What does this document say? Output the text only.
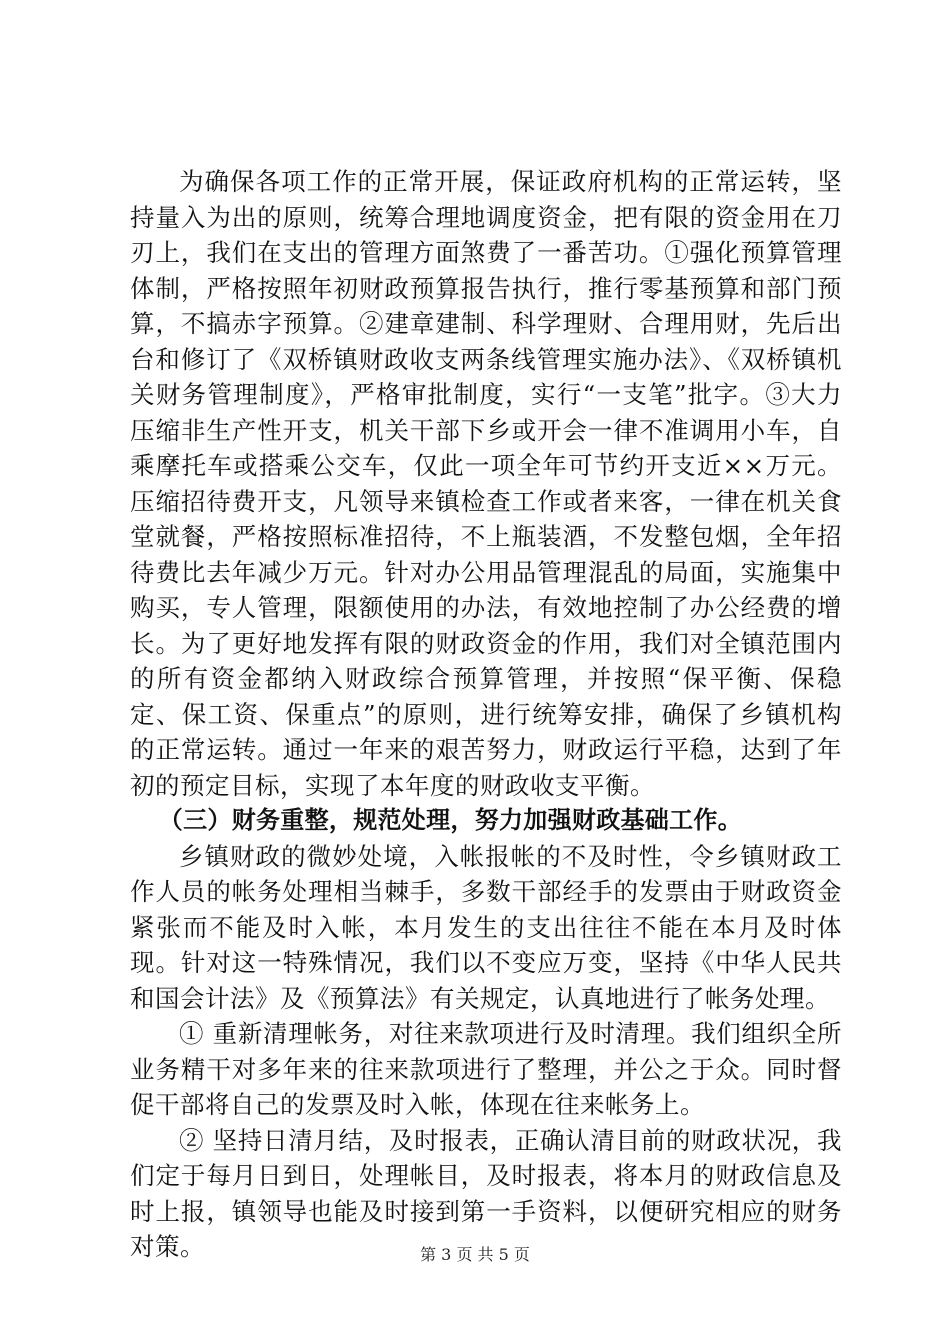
为确保各项工作的正常开展，保证政府机构的正常运转，坚持量入为出的原则，统筹合理地调度资金，把有限的资金用在刀刃上，我们在支出的管理方面煞费了一番苦功。①强化预算管理体制，严格按照年初财政预算报告执行，推行零基预算和部门预算，不搞赤字预算。②建章建制、科学理财、合理用财，先后出台和修订了《双桥镇财政收支两条线管理实施办法》、《双桥镇机关财务管理制度》，严格审批制度，实行“一支笔”批字。③大力压缩非生产性开支，机关干部下乡或开会一律不准调用小车，自乘摩托车或搭乘公交车，仅此一项全年可节约开支近××万元。压缩招待费开支，凡领导来镇检查工作或者来客，一律在机关食堂就餐，严格按照标准招待，不上瓶装酒，不发整包烟，全年招待费比去年减少万元。针对办公用品管理混乱的局面，实施集中购买，专人管理，限额使用的办法，有效地控制了办公经费的增长。为了更好地发挥有限的财政资金的作用，我们对全镇范围内的所有资金都纳入财政综合预算管理，并按照“保平衡、保稳定、保工资、保重点”的原则，进行统筹安排，确保了乡镇机构的正常运转。通过一年来的艰苦努力，财政运行平稳，达到了年初的预定目标，实现了本年度的财政收支平衡。

（三）财务重整，规范处理，努力加强财政基础工作。

乡镇财政的微妙处境，入帐报帐的不及时性，令乡镇财政工作人员的帐务处理相当棘手，多数干部经手的发票由于财政资金紧张而不能及时入帐，本月发生的支出往往不能在本月及时体现。针对这一特殊情况，我们以不变应万变，坚持《中华人民共和国会计法》及《预算法》有关规定，认真地进行了帐务处理。

① 重新清理帐务，对往来款项进行及时清理。我们组织全所业务精干对多年来的往来款项进行了整理，并公之于众。同时督促干部将自己的发票及时入帐，体现在往来帐务上。

② 坚持日清月结，及时报表，正确认清目前的财政状况，我们定于每月日到日，处理帐目，及时报表，将本月的财政信息及时上报，镇领导也能及时接到第一手资料，以便研究相应的财务对策。	第 3 页 共 5 页
